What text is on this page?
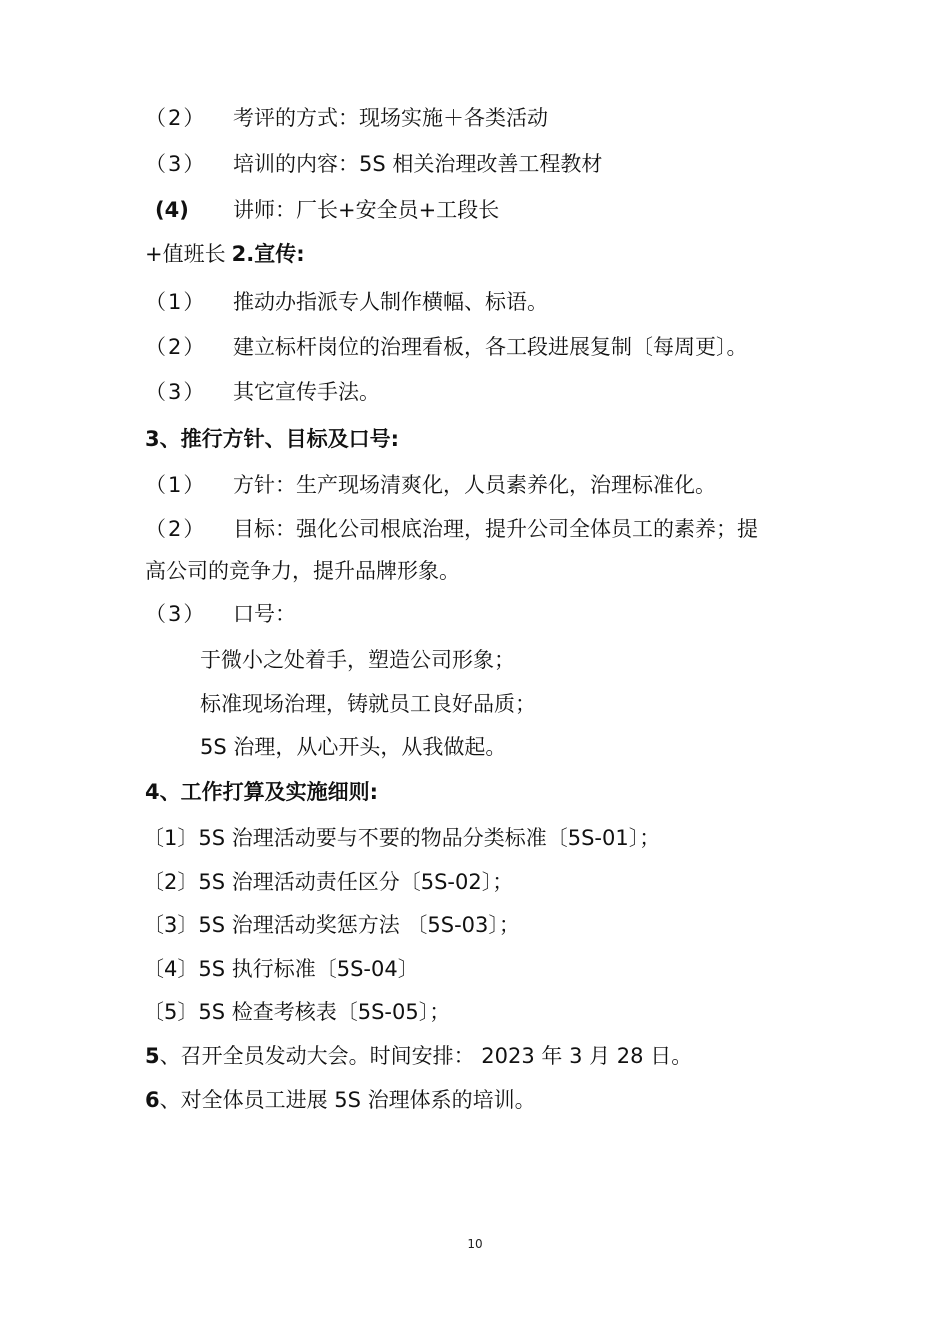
（2） 考评的方式：现场实施＋各类活动
（3） 培训的内容：5S 相关治理改善工程教材
(4) 讲师：厂长+安全员+工段长
+值班长 2.宣传:
（1） 推动办指派专人制作横幅、标语。
（2） 建立标杆岗位的治理看板，各工段进展复制〔每周更〕。
（3） 其它宣传手法。
3、推行方针、目标及口号:
（1） 方针：生产现场清爽化，人员素养化，治理标准化。
（2） 目标：强化公司根底治理，提升公司全体员工的素养；提
高公司的竞争力，提升品牌形象。
（3） 口号：
于微小之处着手，塑造公司形象；
标准现场治理，铸就员工良好品质；
5S 治理，从心开头，从我做起。
4、工作打算及实施细则:
〔1〕5S 治理活动要与不要的物品分类标准〔5S-01〕；
〔2〕5S 治理活动责任区分〔5S-02〕；
〔3〕5S 治理活动奖惩方法 〔5S-03〕；
〔4〕5S 执行标准〔5S-04〕
〔5〕5S 检查考核表〔5S-05〕；
5、召开全员发动大会。时间安排： 2023 年 3 月 28 日。
6、对全体员工进展 5S 治理体系的培训。
10
